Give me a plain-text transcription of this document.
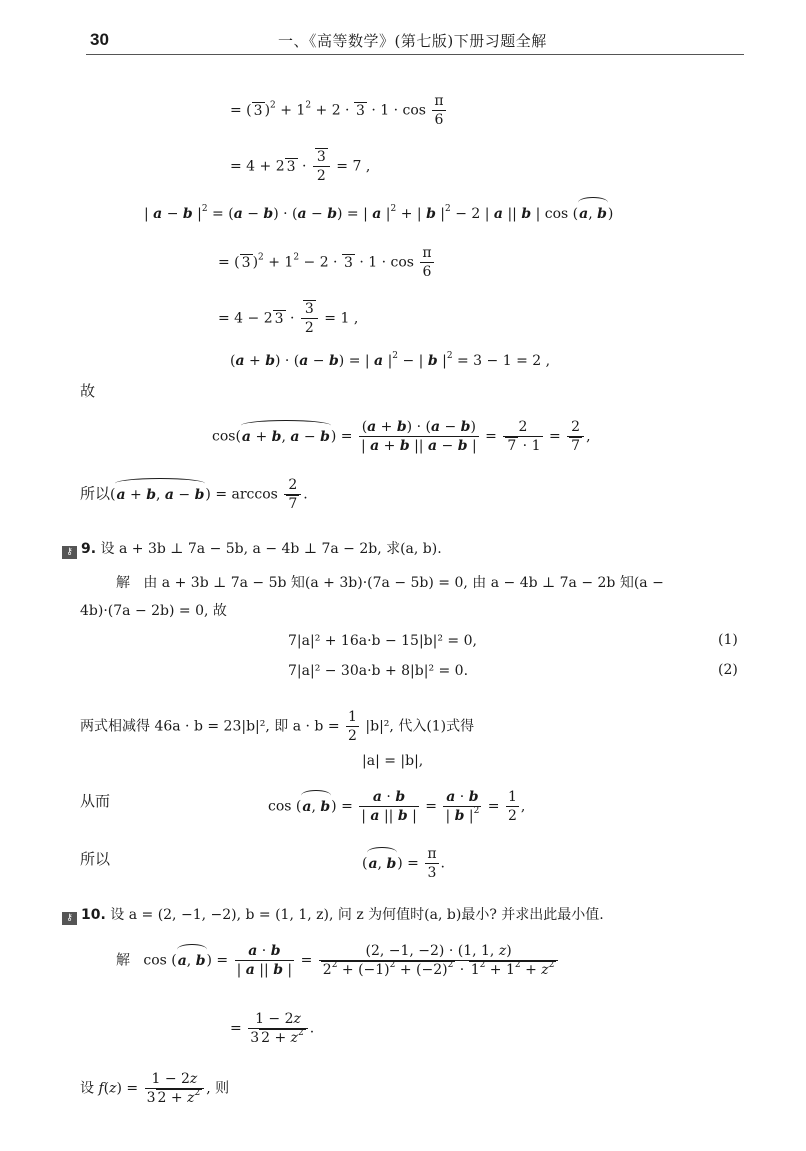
30	一、《高等数学》(第七版)下册习题全解
= ( 3 )$^2 + 1^2 + 2 \cdot 3 \cdot 1 \cdot \cos \frac{\pi}{6}$
= 4 + 2 $3 \cdot \frac{3}{2} = 7$ ,
| a − b $|^2 = (a - b) \cdot (a - b)$ = | a $|^2$ + | b $|^2 - 2$ | a || b | cos (a, b)
= ( 3 )$^2 + 1^2 - 2 \cdot 3 \cdot 1 \cdot \cos \frac{\pi}{6}$
= 4 − 2 $3 \cdot \frac{3}{2} = 1$ ,
(a + b) · (a − b) = | a $|^2$ − | b $|^2 = 3 - 1 = 2$ ,
故
cos(a + b, $a - b) = \frac{(a + b) \cdot (a - b)}{| a + b || a - b |} = \frac{2}{7 \cdot 1} = \frac{2}{7}$ ,
所以(a + b, $a - b) = \arccos \frac{2}{7}$ .
⚷ 9. 设 a + 3b ⊥ 7a − 5b, a − 4b ⊥ 7a − 2b, 求(a, b).
解 由 a + 3b ⊥ 7a − 5b 知(a + 3b)·(7a − 5b) = 0, 由 a − 4b ⊥ 7a − 2b 知(a −
4b)·(7a − 2b) = 0, 故
7|a|² + 16a·b − 15|b|² = 0,	(1)
7|a|² − 30a·b + 8|b|² = 0.	(2)
两式相减得 46a · b = 23|b|², 即 $a \cdot b = \frac{1}{2} |b|^2$, 代入(1)式得
|a| = |b|,
从而	cos (a, $b) = \frac{a \cdot b}{| a || b |} = \frac{a \cdot b}{| b |^2} = \frac{1}{2}$ ,
所以	(a, $b) = \frac{\pi}{3}$ .
⚷ 10. 设 a = (2, −1, −2), b = (1, 1, z), 问 z 为何值时(a, b)最小? 并求出此最小值.
解   cos (a, $b) = \frac{a \cdot b}{| a || b |} = \frac{(2, -1, -2) \cdot (1, 1, z)}{2^2 + (-1)^2 + (-2)^2 \cdot 1^2 + 1^2 + z^2}$
= $\frac{1 - 2z}{3 2 + z^2}$ .
设 $f(z) = \frac{1 - 2z}{3 2 + z^2}$ , 则
